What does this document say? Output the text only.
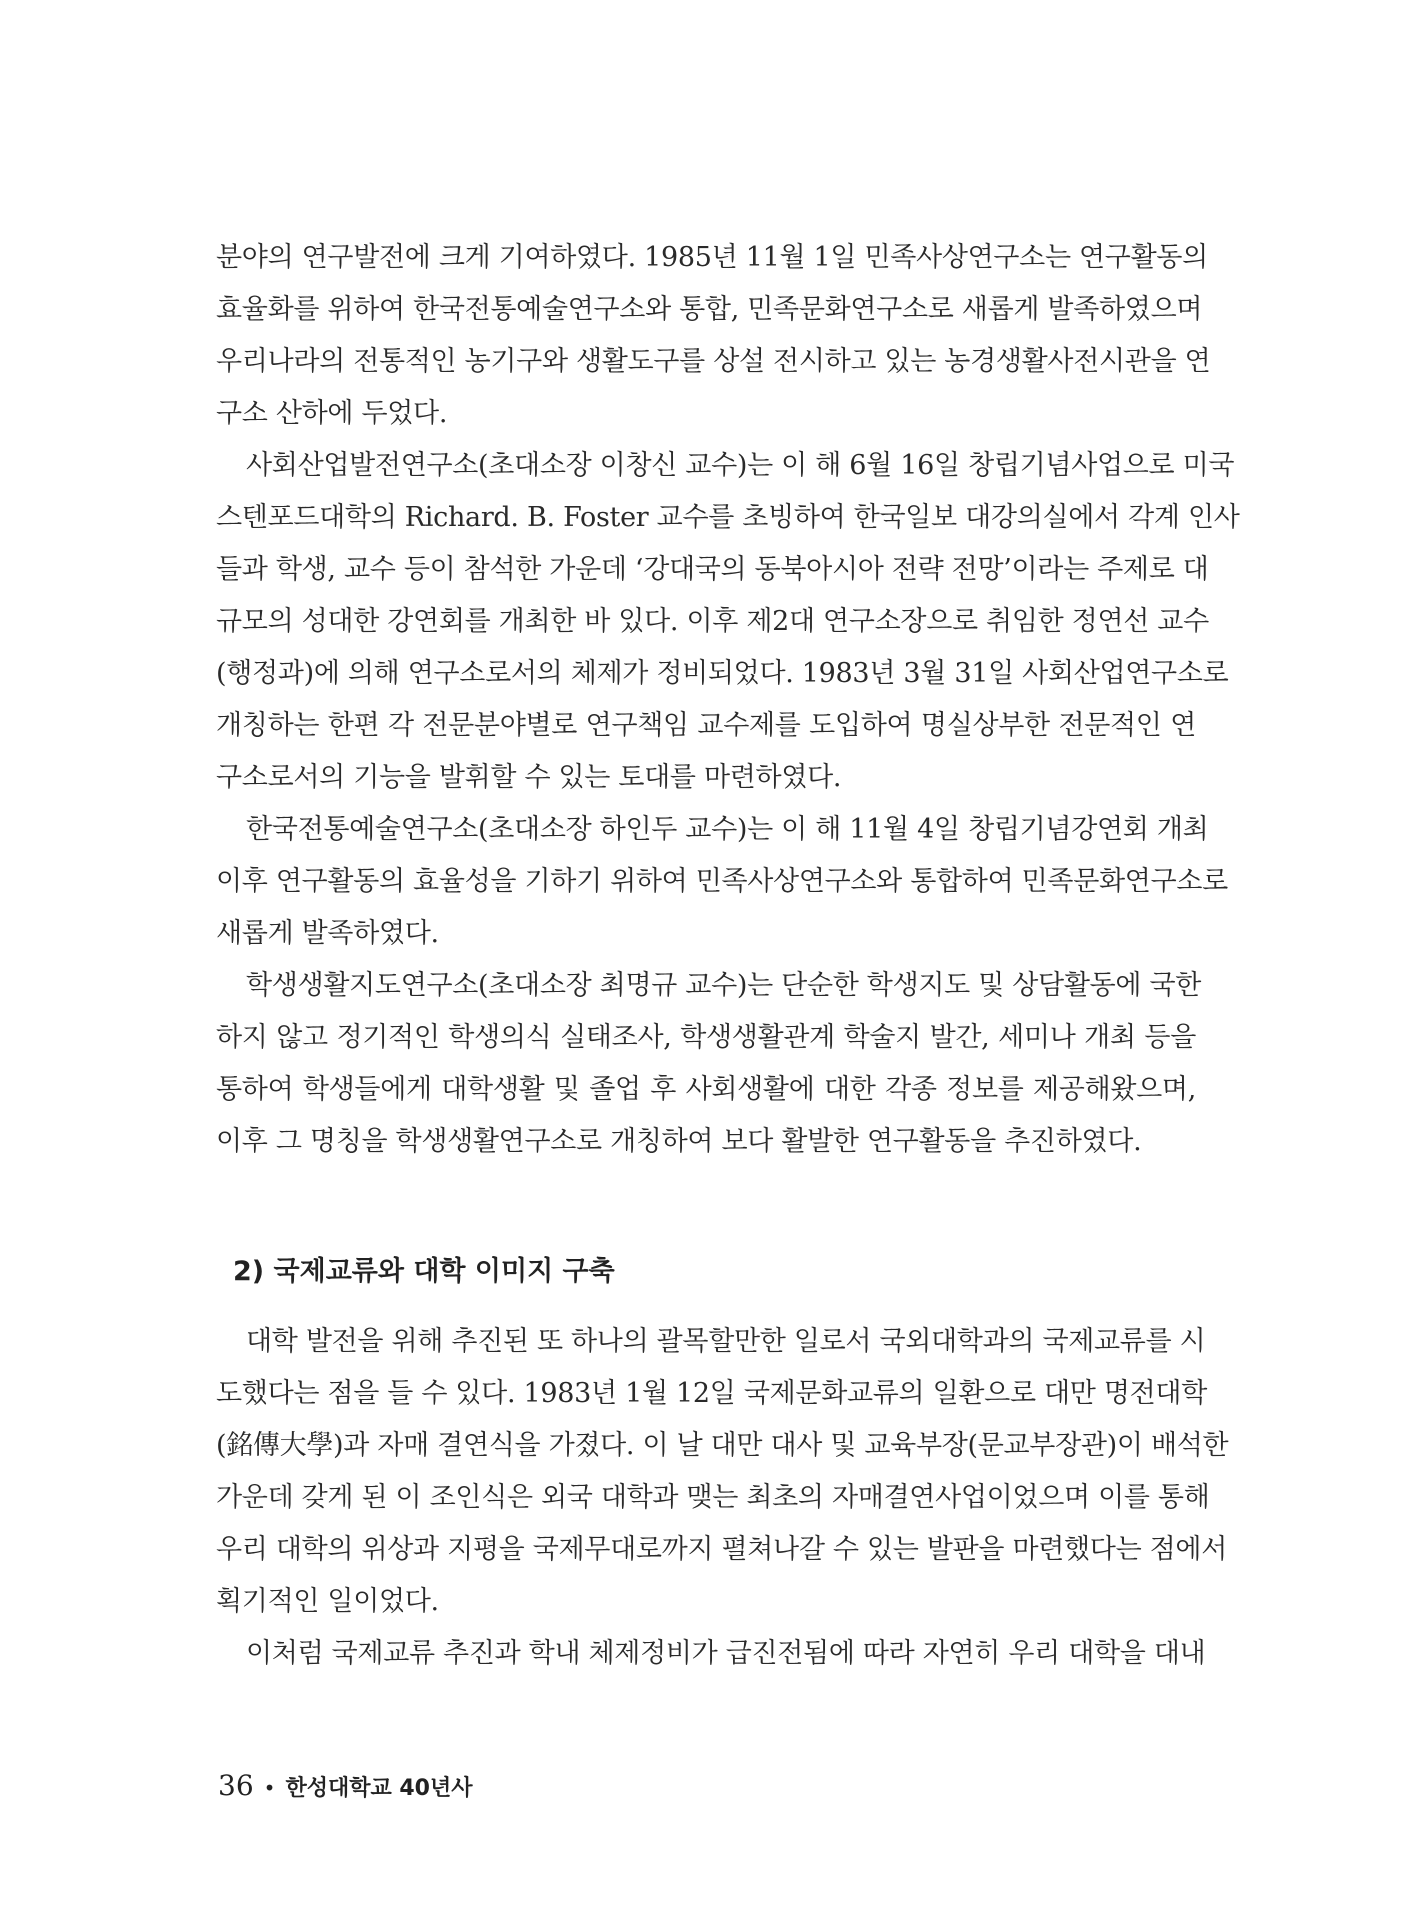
분야의 연구발전에 크게 기여하였다. 1985년 11월 1일 민족사상연구소는 연구활동의
효율화를 위하여 한국전통예술연구소와 통합, 민족문화연구소로 새롭게 발족하였으며
우리나라의 전통적인 농기구와 생활도구를 상설 전시하고 있는 농경생활사전시관을 연
구소 산하에 두었다.
사회산업발전연구소(초대소장 이창신 교수)는 이 해 6월 16일 창립기념사업으로 미국
스텐포드대학의 Richard. B. Foster 교수를 초빙하여 한국일보 대강의실에서 각계 인사
들과 학생, 교수 등이 참석한 가운데 ‘강대국의 동북아시아 전략 전망’이라는 주제로 대
규모의 성대한 강연회를 개최한 바 있다. 이후 제2대 연구소장으로 취임한 정연선 교수
(행정과)에 의해 연구소로서의 체제가 정비되었다. 1983년 3월 31일 사회산업연구소로
개칭하는 한편 각 전문분야별로 연구책임 교수제를 도입하여 명실상부한 전문적인 연
구소로서의 기능을 발휘할 수 있는 토대를 마련하였다.
한국전통예술연구소(초대소장 하인두 교수)는 이 해 11월 4일 창립기념강연회 개최
이후 연구활동의 효율성을 기하기 위하여 민족사상연구소와 통합하여 민족문화연구소로
새롭게 발족하였다.
학생생활지도연구소(초대소장 최명규 교수)는 단순한 학생지도 및 상담활동에 국한
하지 않고 정기적인 학생의식 실태조사, 학생생활관계 학술지 발간, 세미나 개최 등을
통하여 학생들에게 대학생활 및 졸업 후 사회생활에 대한 각종 정보를 제공해왔으며,
이후 그 명칭을 학생생활연구소로 개칭하여 보다 활발한 연구활동을 추진하였다.
2) 국제교류와 대학 이미지 구축
대학 발전을 위해 추진된 또 하나의 괄목할만한 일로서 국외대학과의 국제교류를 시
도했다는 점을 들 수 있다. 1983년 1월 12일 국제문화교류의 일환으로 대만 명전대학
(銘傳大學)과 자매 결연식을 가졌다. 이 날 대만 대사 및 교육부장(문교부장관)이 배석한
가운데 갖게 된 이 조인식은 외국 대학과 맺는 최초의 자매결연사업이었으며 이를 통해
우리 대학의 위상과 지평을 국제무대로까지 펼쳐나갈 수 있는 발판을 마련했다는 점에서
획기적인 일이었다.
이처럼 국제교류 추진과 학내 체제정비가 급진전됨에 따라 자연히 우리 대학을 대내
36 • 한성대학교 40년사
